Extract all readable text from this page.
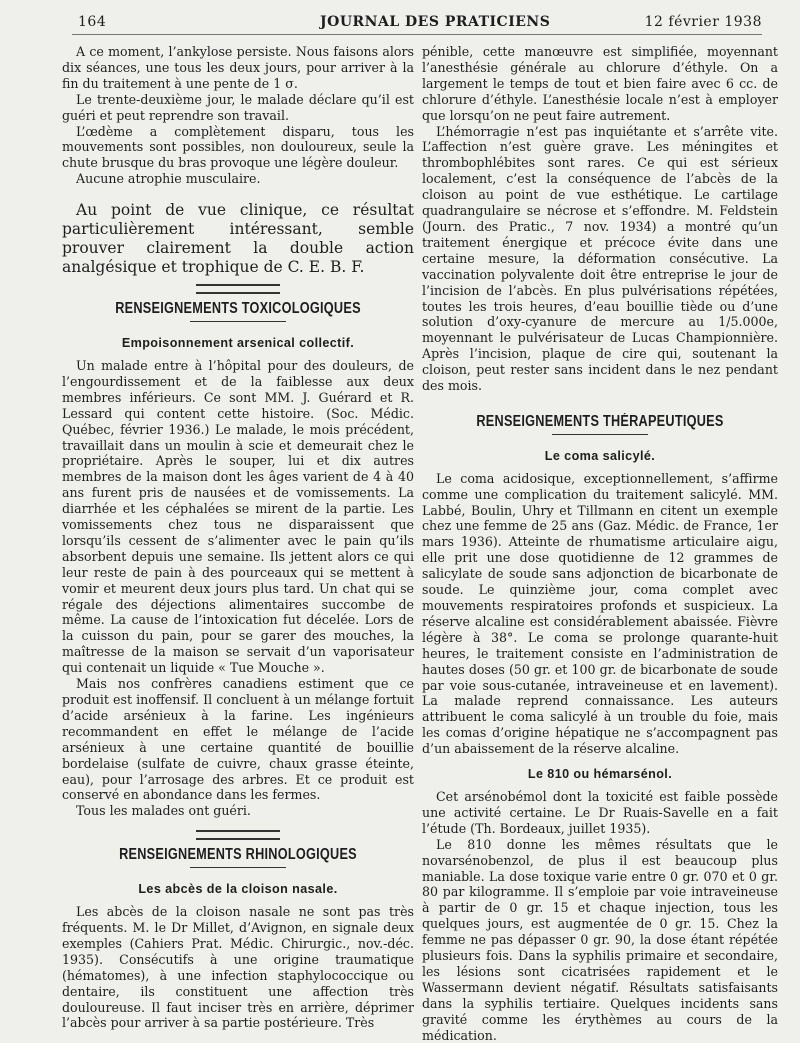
164	JOURNAL DES PRATICIENS	12 février 1938

A ce moment, l’ankylose persiste. Nous faisons alors dix séances, une tous les deux jours, pour arriver à la fin du traitement à une pente de 1 σ.

Le trente-deuxième jour, le malade déclare qu’il est guéri et peut reprendre son travail.

L’œdème a complètement disparu, tous les mouvements sont possibles, non douloureux, seule la chute brusque du bras provoque une légère douleur.

Aucune atrophie musculaire.

Au point de vue clinique, ce résultat particulièrement intéressant, semble prouver clairement la double action analgésique et trophique de C. E. B. F.

RENSEIGNEMENTS TOXICOLOGIQUES
Empoisonnement arsenical collectif.

Un malade entre à l’hôpital pour des douleurs, de l’engourdissement et de la faiblesse aux deux membres inférieurs. Ce sont MM. J. Guérard et R. Lessard qui content cette histoire. (Soc. Médic. Québec, février 1936.) Le malade, le mois précédent, travaillait dans un moulin à scie et demeurait chez le propriétaire. Après le souper, lui et dix autres membres de la maison dont les âges varient de 4 à 40 ans furent pris de nausées et de vomissements. La diarrhée et les céphalées se mirent de la partie. Les vomissements chez tous ne disparaissent que lorsqu’ils cessent de s’alimenter avec le pain qu’ils absorbent depuis une semaine. Ils jettent alors ce qui leur reste de pain à des pourceaux qui se mettent à vomir et meurent deux jours plus tard. Un chat qui se régale des déjections alimentaires succombe de même. La cause de l’intoxication fut décelée. Lors de la cuisson du pain, pour se garer des mouches, la maîtresse de la maison se servait d’un vaporisateur qui contenait un liquide « Tue Mouche ».

Mais nos confrères canadiens estiment que ce produit est inoffensif. Il concluent à un mélange fortuit d’acide arsénieux à la farine. Les ingénieurs recommandent en effet le mélange de l’acide arsénieux à une certaine quantité de bouillie bordelaise (sulfate de cuivre, chaux grasse éteinte, eau), pour l’arrosage des arbres. Et ce produit est conservé en abondance dans les fermes.

Tous les malades ont guéri.

RENSEIGNEMENTS RHINOLOGIQUES
Les abcès de la cloison nasale.

Les abcès de la cloison nasale ne sont pas très fréquents. M. le Dr Millet, d’Avignon, en signale deux exemples (Cahiers Prat. Médic. Chirurgic., nov.-déc. 1935). Consécutifs à une origine traumatique (hématomes), à une infection staphylococcique ou dentaire, ils constituent une affection très douloureuse. Il faut inciser très en arrière, déprimer l’abcès pour arriver à sa partie postérieure. Très

pénible, cette manœuvre est simplifiée, moyennant l’anesthésie générale au chlorure d’éthyle. On a largement le temps de tout et bien faire avec 6 cc. de chlorure d’éthyle. L’anesthésie locale n’est à employer que lorsqu’on ne peut faire autrement.

L’hémorragie n’est pas inquiétante et s’arrête vite. L’affection n’est guère grave. Les méningites et thrombophlébites sont rares. Ce qui est sérieux localement, c’est la conséquence de l’abcès de la cloison au point de vue esthétique. Le cartilage quadrangulaire se nécrose et s’effondre. M. Feldstein (Journ. des Pratic., 7 nov. 1934) a montré qu’un traitement énergique et précoce évite dans une certaine mesure, la déformation consécutive. La vaccination polyvalente doit être entreprise le jour de l’incision de l’abcès. En plus pulvérisations répétées, toutes les trois heures, d’eau bouillie tiède ou d’une solution d’oxy-cyanure de mercure au 1/5.000e, moyennant le pulvérisateur de Lucas Championnière. Après l’incision, plaque de cire qui, soutenant la cloison, peut rester sans incident dans le nez pendant des mois.

RENSEIGNEMENTS THÉRAPEUTIQUES
Le coma salicylé.

Le coma acidosique, exceptionnellement, s’affirme comme une complication du traitement salicylé. MM. Labbé, Boulin, Uhry et Tillmann en citent un exemple chez une femme de 25 ans (Gaz. Médic. de France, 1er mars 1936). Atteinte de rhumatisme articulaire aigu, elle prit une dose quotidienne de 12 grammes de salicylate de soude sans adjonction de bicarbonate de soude. Le quinzième jour, coma complet avec mouvements respiratoires profonds et suspicieux. La réserve alcaline est considérablement abaissée. Fièvre légère à 38°. Le coma se prolonge quarante-huit heures, le traitement consiste en l’administration de hautes doses (50 gr. et 100 gr. de bicarbonate de soude par voie sous-cutanée, intraveineuse et en lavement). La malade reprend connaissance. Les auteurs attribuent le coma salicylé à un trouble du foie, mais les comas d’origine hépatique ne s’accompagnent pas d’un abaissement de la réserve alcaline.

Le 810 ou hémarsénol.

Cet arsénobémol dont la toxicité est faible possède une activité certaine. Le Dr Ruais-Savelle en a fait l’étude (Th. Bordeaux, juillet 1935).

Le 810 donne les mêmes résultats que le novarsénobenzol, de plus il est beaucoup plus maniable. La dose toxique varie entre 0 gr. 070 et 0 gr. 80 par kilogramme. Il s’emploie par voie intraveineuse à partir de 0 gr. 15 et chaque injection, tous les quelques jours, est augmentée de 0 gr. 15. Chez la femme ne pas dépasser 0 gr. 90, la dose étant répétée plusieurs fois. Dans la syphilis primaire et secondaire, les lésions sont cicatrisées rapidement et le Wassermann devient négatif. Résultats satisfaisants dans la syphilis tertiaire. Quelques incidents sans gravité comme les érythèmes au cours de la médication.
